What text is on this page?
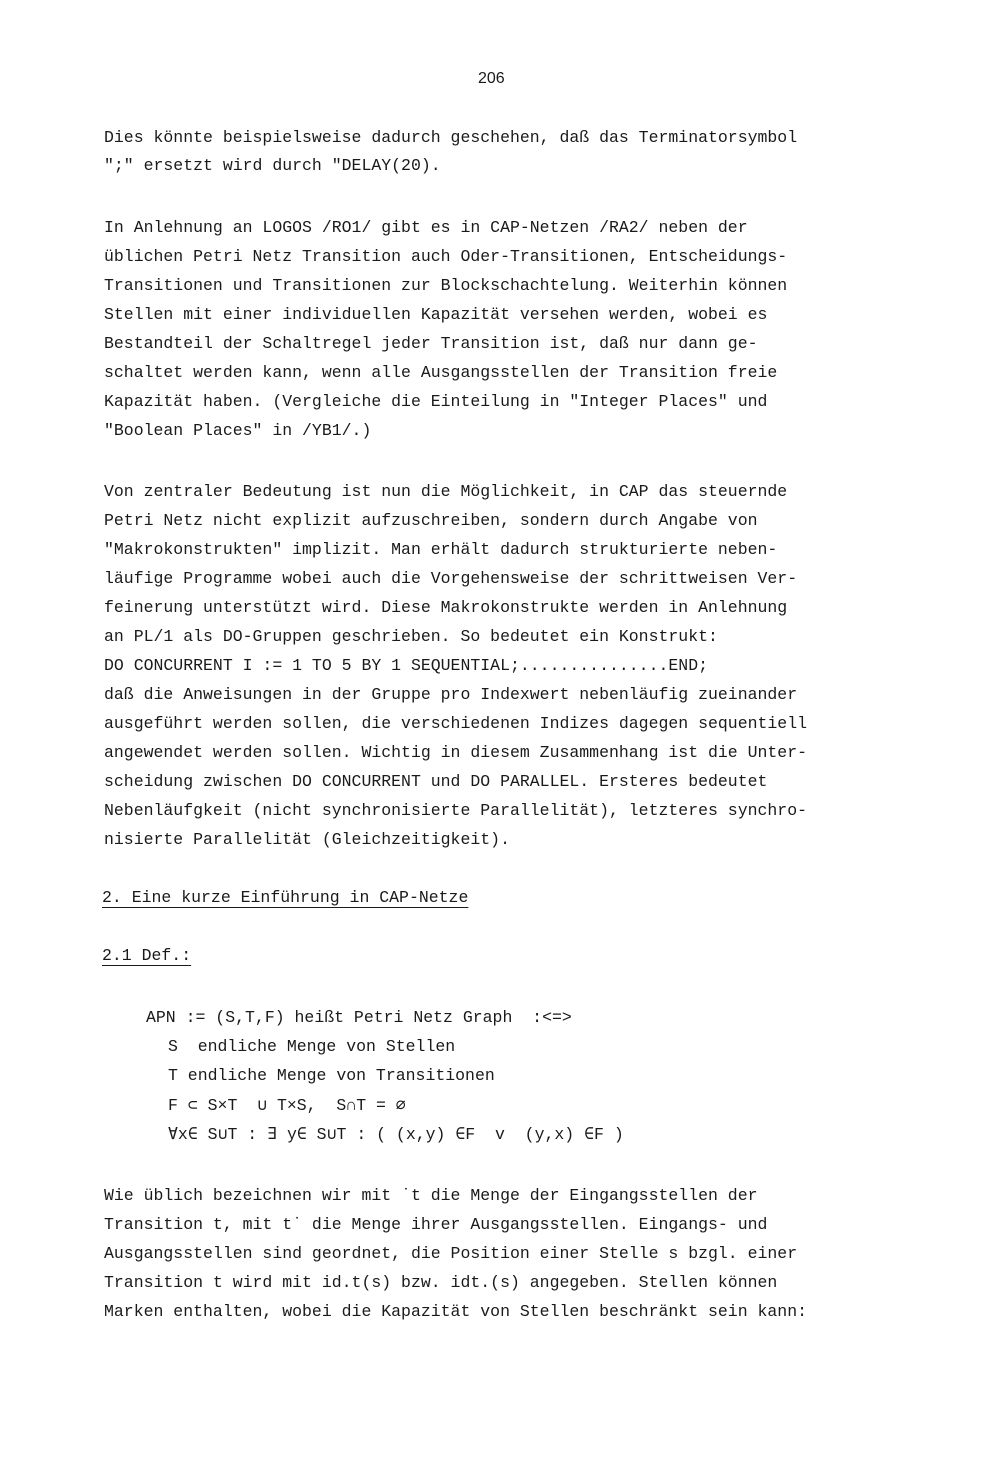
206
Dies könnte beispielsweise dadurch geschehen, daß das Terminatorsymbol
";" ersetzt wird durch "DELAY(20).
In Anlehnung an LOGOS /RO1/ gibt es in CAP-Netzen /RA2/ neben der
üblichen Petri Netz Transition auch Oder-Transitionen, Entscheidungs-
Transitionen und Transitionen zur Blockschachtelung. Weiterhin können
Stellen mit einer individuellen Kapazität versehen werden, wobei es
Bestandteil der Schaltregel jeder Transition ist, daß nur dann ge-
schaltet werden kann, wenn alle Ausgangsstellen der Transition freie
Kapazität haben. (Vergleiche die Einteilung in "Integer Places" und
"Boolean Places" in /YB1/.)
Von zentraler Bedeutung ist nun die Möglichkeit, in CAP das steuernde
Petri Netz nicht explizit aufzuschreiben, sondern durch Angabe von
"Makrokonstrukten" implizit. Man erhält dadurch strukturierte neben-
läufige Programme wobei auch die Vorgehensweise der schrittweisen Ver-
feinerung unterstützt wird. Diese Makrokonstrukte werden in Anlehnung
an PL/1 als DO-Gruppen geschrieben. So bedeutet ein Konstrukt:
DO CONCURRENT I := 1 TO 5 BY 1 SEQUENTIAL;...............END;
daß die Anweisungen in der Gruppe pro Indexwert nebenläufig zueinander
ausgeführt werden sollen, die verschiedenen Indizes dagegen sequentiell
angewendet werden sollen. Wichtig in diesem Zusammenhang ist die Unter-
scheidung zwischen DO CONCURRENT und DO PARALLEL. Ersteres bedeutet
Nebenläufgkeit (nicht synchronisierte Parallelität), letzteres synchro-
nisierte Parallelität (Gleichzeitigkeit).
2. Eine kurze Einführung in CAP-Netze
2.1 Def.:
APN := (S,T,F) heißt Petri Netz Graph  :<=>
S  endliche Menge von Stellen
T endliche Menge von Transitionen
F ⊂ S×T  ∪ T×S,  S∩T = ∅
∀x∈ S∪T : ∃ y∈ S∪T : ( (x,y) ∈F  v  (y,x) ∈F )
Wie üblich bezeichnen wir mit ˙t die Menge der Eingangsstellen der
Transition t, mit t˙ die Menge ihrer Ausgangsstellen. Eingangs- und
Ausgangsstellen sind geordnet, die Position einer Stelle s bzgl. einer
Transition t wird mit id.t(s) bzw. idt.(s) angegeben. Stellen können
Marken enthalten, wobei die Kapazität von Stellen beschränkt sein kann:
